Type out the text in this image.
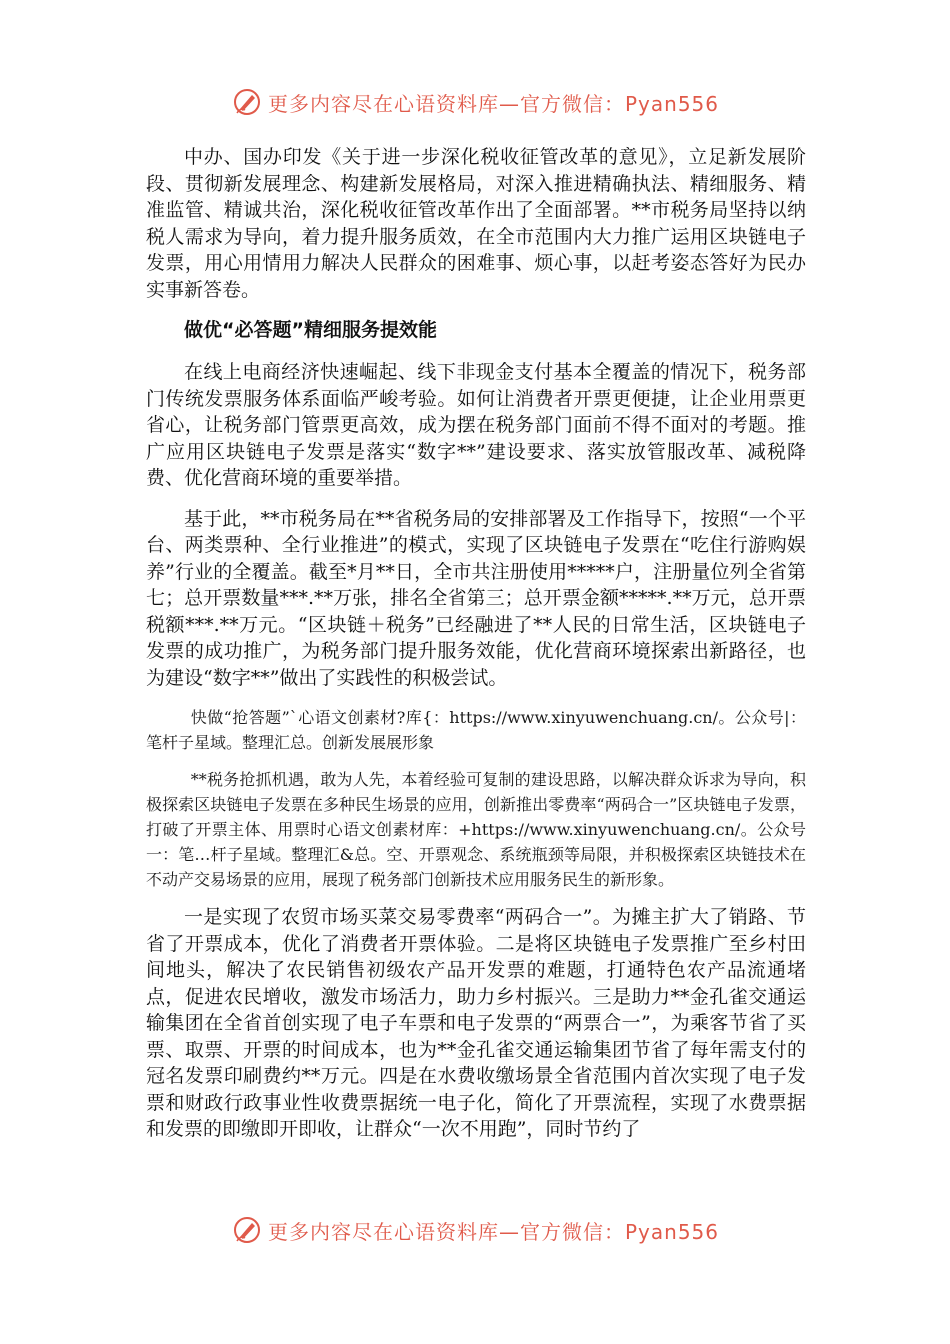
更多内容尽在心语资料库—官方微信：Pyan556

中办、国办印发《关于进一步深化税收征管改革的意见》，立足新发展阶段、贯彻新发展理念、构建新发展格局，对深入推进精确执法、精细服务、精准监管、精诚共治，深化税收征管改革作出了全面部署。**市税务局坚持以纳税人需求为导向，着力提升服务质效，在全市范围内大力推广运用区块链电子发票，用心用情用力解决人民群众的困难事、烦心事，以赶考姿态答好为民办实事新答卷。

做优“必答题”精细服务提效能

在线上电商经济快速崛起、线下非现金支付基本全覆盖的情况下，税务部门传统发票服务体系面临严峻考验。如何让消费者开票更便捷，让企业用票更省心，让税务部门管票更高效，成为摆在税务部门面前不得不面对的考题。推广应用区块链电子发票是落实“数字**”建设要求、落实放管服改革、减税降费、优化营商环境的重要举措。

基于此，**市税务局在**省税务局的安排部署及工作指导下，按照“一个平台、两类票种、全行业推进”的模式，实现了区块链电子发票在“吃住行游购娱养”行业的全覆盖。截至*月**日，全市共注册使用*****户，注册量位列全省第七；总开票数量***.**万张，排名全省第三；总开票金额*****.**万元，总开票税额***.**万元。“区块链＋税务”已经融进了**人民的日常生活，区块链电子发票的成功推广，为税务部门提升服务效能，优化营商环境探索出新路径，也为建设“数字**”做出了实践性的积极尝试。

快做“抢答题”`心语文创素材?库{：https://www.xinyuwenchuang.cn/。公众号|：笔杆子星域。整理汇总。创新发展展形象

**税务抢抓机遇，敢为人先，本着经验可复制的建设思路，以解决群众诉求为导向，积极探索区块链电子发票在多种民生场景的应用，创新推出零费率“两码合一”区块链电子发票，打破了开票主体、用票时心语文创素材库：+https://www.xinyuwenchuang.cn/。公众号一：笔…杆子星域。整理汇&总。空、开票观念、系统瓶颈等局限，并积极探索区块链技术在不动产交易场景的应用，展现了税务部门创新技术应用服务民生的新形象。

一是实现了农贸市场买菜交易零费率“两码合一”。为摊主扩大了销路、节省了开票成本，优化了消费者开票体验。二是将区块链电子发票推广至乡村田间地头，解决了农民销售初级农产品开发票的难题，打通特色农产品流通堵点，促进农民增收，激发市场活力，助力乡村振兴。三是助力**金孔雀交通运输集团在全省首创实现了电子车票和电子发票的“两票合一”，为乘客节省了买票、取票、开票的时间成本，也为**金孔雀交通运输集团节省了每年需支付的冠名发票印刷费约**万元。四是在水费收缴场景全省范围内首次实现了电子发票和财政行政事业性收费票据统一电子化，简化了开票流程，实现了水费票据和发票的即缴即开即收，让群众“一次不用跑”，同时节约了

更多内容尽在心语资料库—官方微信：Pyan556
